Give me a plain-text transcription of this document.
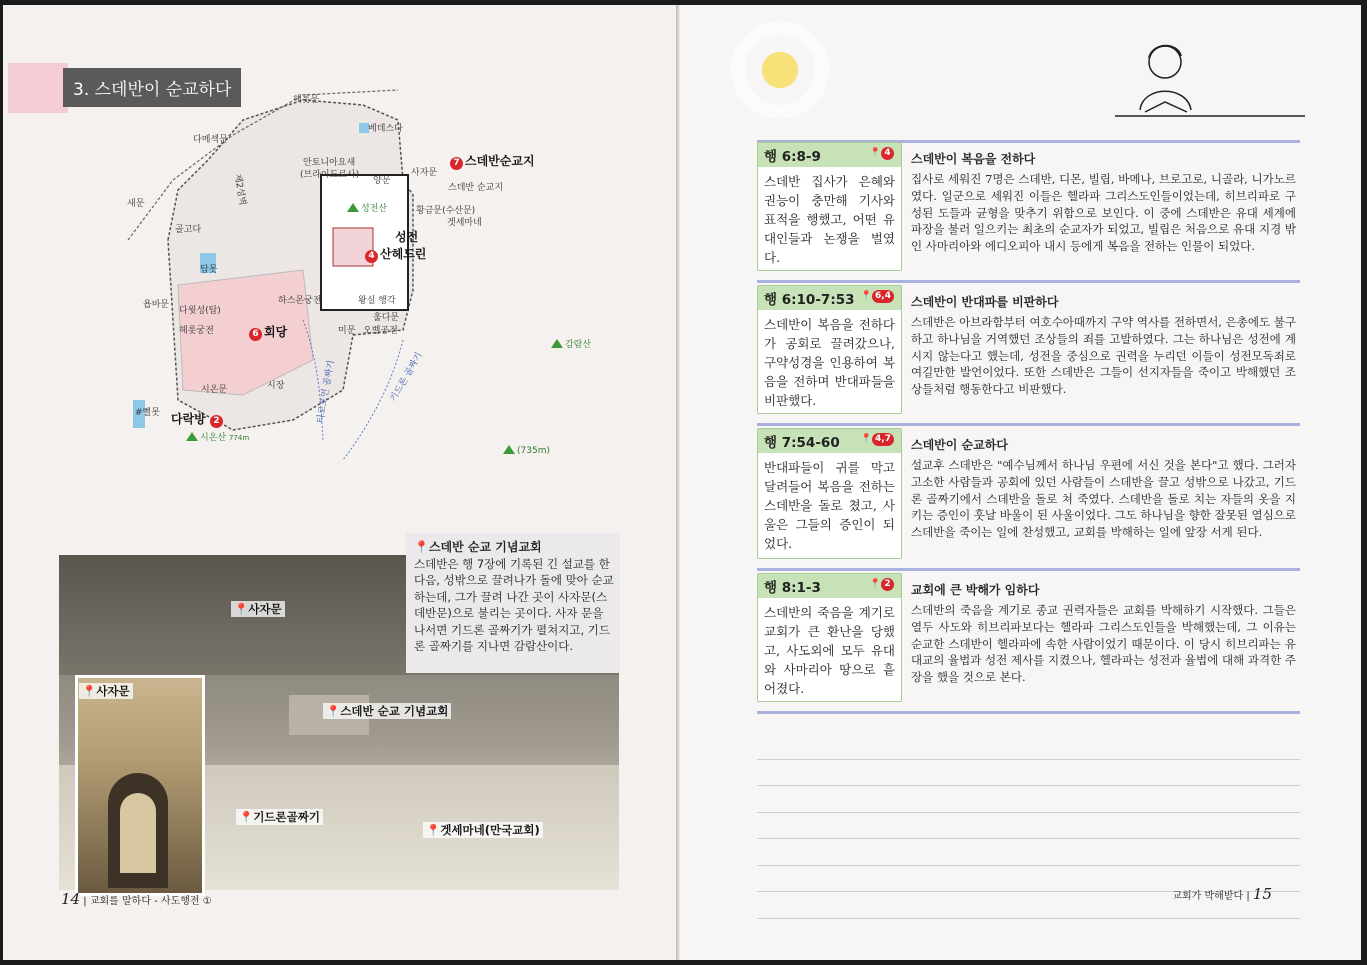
3. 스데반이 순교하다	헤롯문
다메섹문
베데스다
안토니아요새
(브라이도로사)	사자문
7 스데반순교지
스데반 순교지
새문	제2성벽
골고다
성전산	황금문(수산문)
겟세마네
양문
성전
4 산헤드린
탑못
욥바문
다윗성(탑)
헤롯궁전
하스몬궁전
6 회당
왕실 행각
미문 오벨공전
훌다문
시온문	시장
#뻘못 다락방 2
시온산 774m
감람산
(735m)
티로포언 골짜기	기드론 골짜기
📍사자문
📍사자문
📍스데반 순교 기념교회
📍기드론골짜기
📍겟세마네(만국교회)
📍스데반 순교 기념교회
스데반은 행 7장에 기록된 긴 설교를 한 다음, 성밖으로 끌려나가 돌에 맞아 순교하는데, 그가 끌려 나간 곳이 사자문(스데반문)으로 불리는 곳이다. 사자 문을 나서면 기드론 골짜기가 펼쳐지고, 기드론 골짜기를 지나면 감람산이다.
14 | 교회를 말하다 - 사도행전 ①
행 6:8-9	📍 4
스데반 집사가 은혜와 권능이 충만해 기사와 표적을 행했고, 어떤 유대인들과 논쟁을 벌였다.
스데반이 복음을 전하다
집사로 세워진 7명은 스데반, 디몬, 빌립, 바메나, 브로고로, 니골라, 니가노르였다. 일군으로 세워진 이들은 헬라파 그리스도인들이었는데, 히브리파로 구성된 도들과 균형을 맞추기 위함으로 보인다. 이 중에 스데반은 유대 세계에 파장을 불러 일으키는 최초의 순교자가 되었고, 빌립은 처음으로 유대 지경 밖인 사마리아와 에디오피아 내시 등에게 복음을 전하는 인물이 되었다.
행 6:10-7:53 📍 6,4
스데반이 복음을 전하다가 공회로 끌려갔으나, 구약성경을 인용하여 복음을 전하며 반대파들을 비판했다.
스데반이 반대파를 비판하다
스데반은 아브라함부터 여호수아때까지 구약 역사를 전하면서, 은총에도 불구하고 하나님을 거역했던 조상들의 죄를 고발하였다. 그는 하나님은 성전에 계시지 않는다고 했는데, 성전을 중심으로 권력을 누리던 이들이 성전모독죄로 여길만한 발언이었다. 또한 스데반은 그들이 선지자들을 죽이고 박해했던 조상들처럼 행동한다고 비판했다.
행 7:54-60 📍 4,7
반대파들이 귀를 막고 달려들어 복음을 전하는 스데반을 돌로 쳤고, 사울은 그들의 증인이 되었다.
스데반이 순교하다
설교후 스데반은 "예수님께서 하나님 우편에 서신 것을 본다"고 했다. 그러자 고소한 사람들과 공회에 있던 사람들이 스데반을 끌고 성밖으로 나갔고, 기드론 골짜기에서 스데반을 돌로 쳐 죽였다. 스데반을 돌로 치는 자들의 옷을 지키는 증인이 훗날 바울이 된 사울이었다. 그도 하나님을 향한 잘못된 열심으로 스데반을 죽이는 일에 찬성했고, 교회를 박해하는 일에 앞장 서게 된다.
행 8:1-3	📍 2
스데반의 죽음을 계기로 교회가 큰 환난을 당했고, 사도외에 모두 유대와 사마리아 땅으로 흩어졌다.
교회에 큰 박해가 임하다
스데반의 죽음을 계기로 종교 권력자들은 교회를 박해하기 시작했다. 그들은 열두 사도와 히브리파보다는 헬라파 그리스도인들을 박해했는데, 그 이유는 순교한 스데반이 헬라파에 속한 사람이었기 때문이다. 이 당시 히브리파는 유대교의 율법과 성전 제사를 지켰으나, 헬라파는 성전과 율법에 대해 과격한 주장을 했을 것으로 본다.
교회가 박해받다 | 15
